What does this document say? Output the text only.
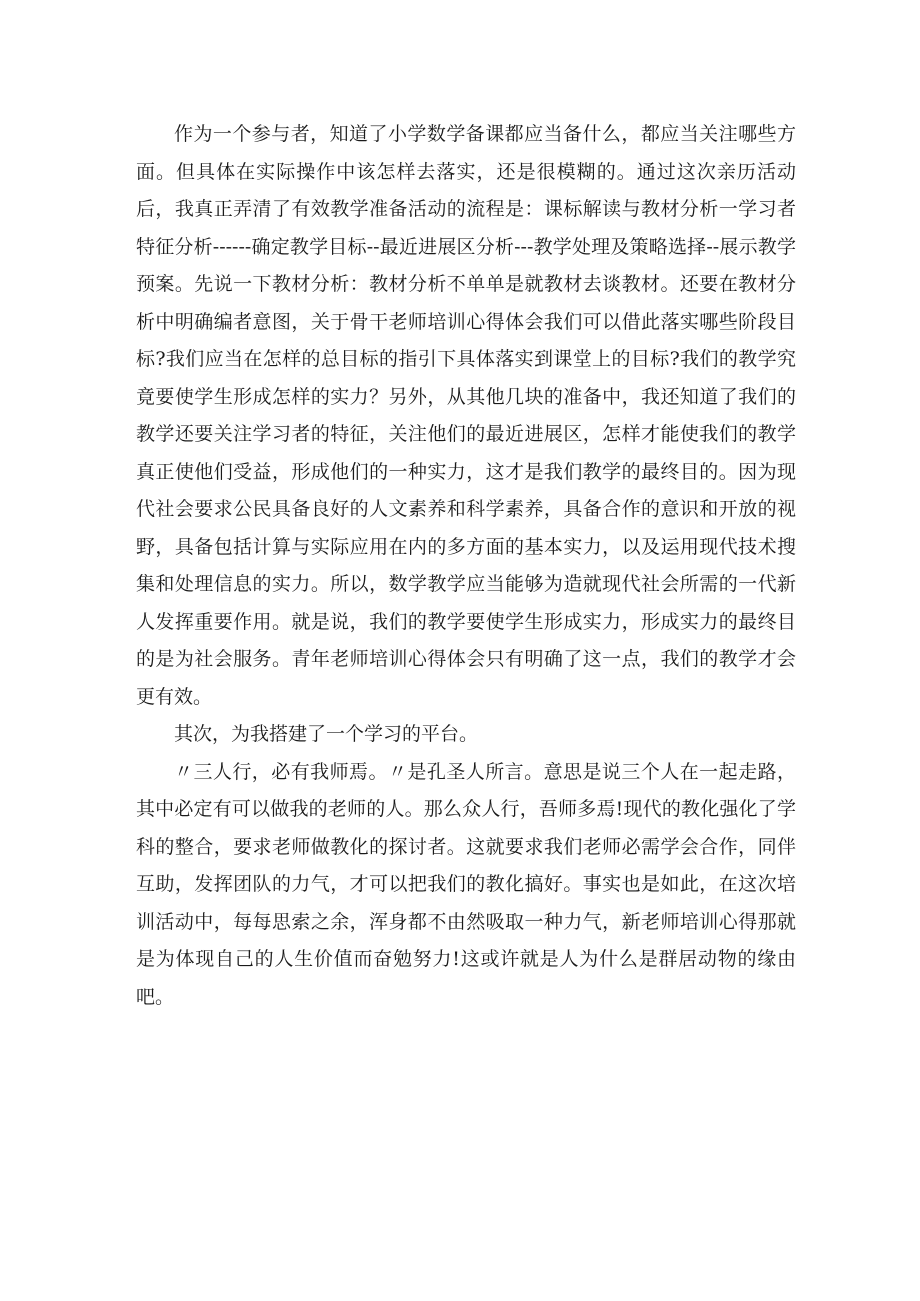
作为一个参与者，知道了小学数学备课都应当备什么，都应当关注哪些方面。但具体在实际操作中该怎样去落实，还是很模糊的。通过这次亲历活动后，我真正弄清了有效教学准备活动的流程是：课标解读与教材分析一学习者特征分析------确定教学目标--最近进展区分析---教学处理及策略选择--展示教学预案。先说一下教材分析：教材分析不单单是就教材去谈教材。还要在教材分析中明确编者意图，关于骨干老师培训心得体会我们可以借此落实哪些阶段目标?我们应当在怎样的总目标的指引下具体落实到课堂上的目标?我们的教学究竟要使学生形成怎样的实力？另外，从其他几块的准备中，我还知道了我们的教学还要关注学习者的特征，关注他们的最近进展区，怎样才能使我们的教学真正使他们受益，形成他们的一种实力，这才是我们教学的最终目的。因为现代社会要求公民具备良好的人文素养和科学素养，具备合作的意识和开放的视野，具备包括计算与实际应用在内的多方面的基本实力，以及运用现代技术搜集和处理信息的实力。所以，数学教学应当能够为造就现代社会所需的一代新人发挥重要作用。就是说，我们的教学要使学生形成实力，形成实力的最终目的是为社会服务。青年老师培训心得体会只有明确了这一点，我们的教学才会更有效。

其次，为我搭建了一个学习的平台。

〃三人行，必有我师焉。〃是孔圣人所言。意思是说三个人在一起走路，其中必定有可以做我的老师的人。那么众人行，吾师多焉!现代的教化强化了学科的整合，要求老师做教化的探讨者。这就要求我们老师必需学会合作，同伴互助，发挥团队的力气，才可以把我们的教化搞好。事实也是如此，在这次培训活动中，每每思索之余，浑身都不由然吸取一种力气，新老师培训心得那就是为体现自己的人生价值而奋勉努力!这或许就是人为什么是群居动物的缘由吧。
